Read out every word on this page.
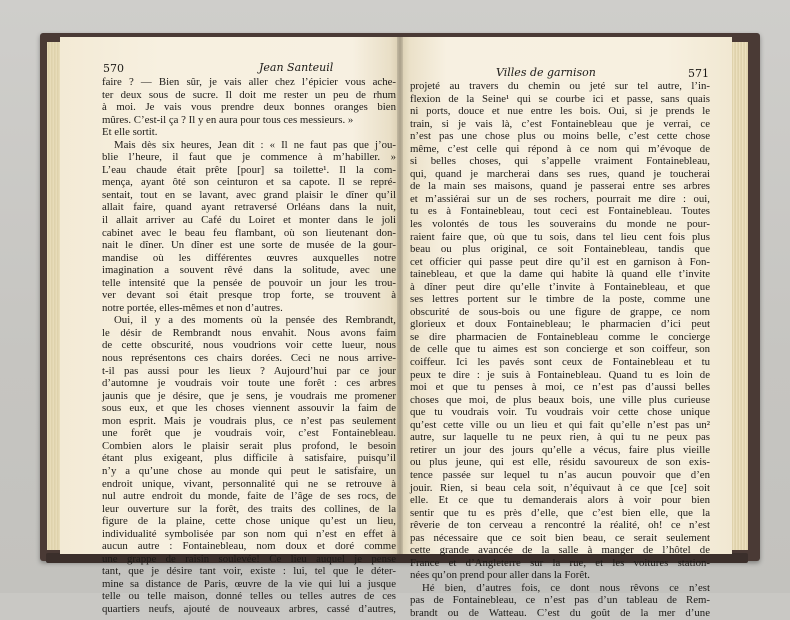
570	Jean Santeuil	Villes de garnison	571

faire ? — Bien sûr, je vais aller chez l’épicier vous ache-

ter deux sous de sucre. Il doit me rester un peu de rhum

à moi. Je vais vous prendre deux bonnes oranges bien

mûres. C’est-il ça ? Il y en aura pour tous ces messieurs. »

Et elle sortit.

Mais dès six heures, Jean dit : « Il ne faut pas que j’ou-

blie l’heure, il faut que je commence à m’habiller. »

L’eau chaude était prête [pour] sa toilette¹. Il la com-

mença, ayant ôté son ceinturon et sa capote. Il se repré-

sentait, tout en se lavant, avec grand plaisir le dîner qu’il

allait faire, quand ayant retraversé Orléans dans la nuit,

il allait arriver au Café du Loiret et monter dans le joli

cabinet avec le beau feu flambant, où son lieutenant don-

nait le dîner. Un dîner est une sorte de musée de la gour-

mandise où les différentes œuvres auxquelles notre

imagination a souvent rêvé dans la solitude, avec une

telle intensité que la pensée de pouvoir un jour les trou-

ver devant soi était presque trop forte, se trouvent à

notre portée, elles-mêmes et non d’autres.

Oui, il y a des moments où la pensée des Rembrandt,

le désir de Rembrandt nous envahit. Nous avons faim

de cette obscurité, nous voudrions voir cette lueur, nous

nous représentons ces chairs dorées. Ceci ne nous arrive-

t-il pas aussi pour les lieux ? Aujourd’hui par ce jour

d’automne je voudrais voir toute une forêt : ces arbres

jaunis que je désire, que je sens, je voudrais me promener

sous eux, et que les choses viennent assouvir la faim de

mon esprit. Mais je voudrais plus, ce n’est pas seulement

une forêt que je voudrais voir, c’est Fontainebleau.

Combien alors le plaisir serait plus profond, le besoin

étant plus exigeant, plus difficile à satisfaire, puisqu’il

n’y a qu’une chose au monde qui peut le satisfaire, un

endroit unique, vivant, personnalité qui ne se retrouve à

nul autre endroit du monde, faite de l’âge de ses rocs, de

leur ouverture sur la forêt, des traits des collines, de la

figure de la plaine, cette chose unique qu’est un lieu,

individualité symbolisée par son nom qui n’est en effet à

aucun autre : Fontainebleau, nom doux et doré comme

une grappe de raisin soulevée! Ce lieu auquel je pense

tant, que je désire tant voir, existe : lui, tel que le déter-

mine sa distance de Paris, œuvre de la vie qui lui a jusque

telle ou telle maison, donné telles ou telles autres de ces

quartiers neufs, ajouté de nouveaux arbres, cassé d’autres,

projeté au travers du chemin ou jeté sur tel autre, l’in-

flexion de la Seine¹ qui se courbe ici et passe, sans quais

ni ports, douce et nue entre les bois. Oui, si je prends le

train, si je vais là, c’est Fontainebleau que je verrai, ce

n’est pas une chose plus ou moins belle, c’est cette chose

même, c’est celle qui répond à ce nom qui m’évoque de

si belles choses, qui s’appelle vraiment Fontainebleau,

qui, quand je marcherai dans ses rues, quand je toucherai

de la main ses maisons, quand je passerai entre ses arbres

et m’assiérai sur un de ses rochers, pourrait me dire : oui,

tu es à Fontainebleau, tout ceci est Fontainebleau. Toutes

les volontés de tous les souverains du monde ne pour-

raient faire que, où que tu sois, dans tel lieu cent fois plus

beau ou plus original, ce soit Fontainebleau, tandis que

cet officier qui passe peut dire qu’il est en garnison à Fon-

tainebleau, et que la dame qui habite là quand elle t’invite

à dîner peut dire qu’elle t’invite à Fontainebleau, et que

ses lettres portent sur le timbre de la poste, comme une

obscurité de sous-bois ou une figure de grappe, ce nom

glorieux et doux Fontainebleau; le pharmacien d’ici peut

se dire pharmacien de Fontainebleau comme le concierge

de celle que tu aimes est son concierge et son coiffeur, son

coiffeur. Ici les pavés sont ceux de Fontainebleau et tu

peux te dire : je suis à Fontainebleau. Quand tu es loin de

moi et que tu penses à moi, ce n’est pas d’aussi belles

choses que moi, de plus beaux bois, une ville plus curieuse

que tu voudrais voir. Tu voudrais voir cette chose unique

qu’est cette ville ou un lieu et qui fait qu’elle n’est pas un²

autre, sur laquelle tu ne peux rien, à qui tu ne peux pas

retirer un jour des jours qu’elle a vécus, faire plus vieille

ou plus jeune, qui est elle, résidu savoureux de son exis-

tence passée sur lequel tu n’as aucun pouvoir que d’en

jouir. Rien, si beau cela soit, n’équivaut à ce que [ce] soit

elle. Et ce que tu demanderais alors à voir pour bien

sentir que tu es près d’elle, que c’est bien elle, que la

rêverie de ton cerveau a rencontré la réalité, oh! ce n’est

pas nécessaire que ce soit bien beau, ce serait seulement

cette grande avancée de la salle à manger de l’hôtel de

France et d’Angleterre sur la rue, et les voitures station-

nées qu’on prend pour aller dans la Forêt.

Hé bien, d’autres fois, ce dont nous rêvons ce n’est

pas de Fontainebleau, ce n’est pas d’un tableau de Rem-

brandt ou de Watteau. C’est du goût de la mer d’une
